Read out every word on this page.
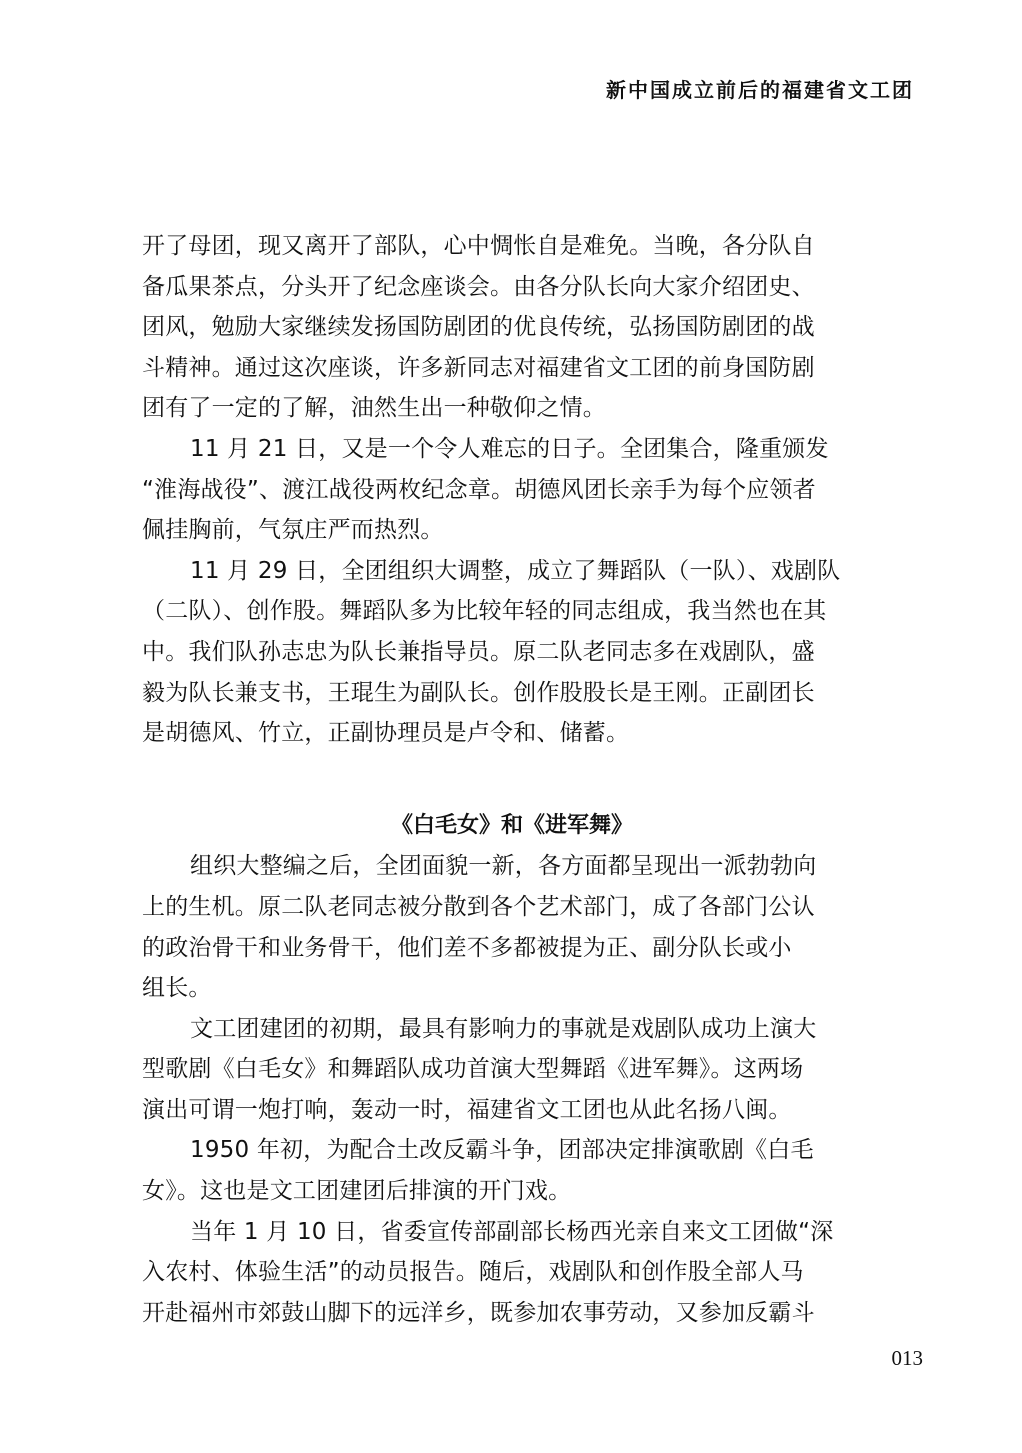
新中国成立前后的福建省文工团
开了母团，现又离开了部队，心中惆怅自是难免。当晚，各分队自
备瓜果茶点，分头开了纪念座谈会。由各分队长向大家介绍团史、
团风，勉励大家继续发扬国防剧团的优良传统，弘扬国防剧团的战
斗精神。通过这次座谈，许多新同志对福建省文工团的前身国防剧
团有了一定的了解，油然生出一种敬仰之情。
11 月 21 日，又是一个令人难忘的日子。全团集合，隆重颁发
“淮海战役”、渡江战役两枚纪念章。胡德风团长亲手为每个应领者
佩挂胸前，气氛庄严而热烈。
11 月 29 日，全团组织大调整，成立了舞蹈队（一队）、戏剧队
（二队）、创作股。舞蹈队多为比较年轻的同志组成，我当然也在其
中。我们队孙志忠为队长兼指导员。原二队老同志多在戏剧队，盛
毅为队长兼支书，王琨生为副队长。创作股股长是王刚。正副团长
是胡德风、竹立，正副协理员是卢令和、储蓄。
《白毛女》和《进军舞》
组织大整编之后，全团面貌一新，各方面都呈现出一派勃勃向
上的生机。原二队老同志被分散到各个艺术部门，成了各部门公认
的政治骨干和业务骨干，他们差不多都被提为正、副分队长或小
组长。
文工团建团的初期，最具有影响力的事就是戏剧队成功上演大
型歌剧《白毛女》和舞蹈队成功首演大型舞蹈《进军舞》。这两场
演出可谓一炮打响，轰动一时，福建省文工团也从此名扬八闽。
1950 年初，为配合土改反霸斗争，团部决定排演歌剧《白毛
女》。这也是文工团建团后排演的开门戏。
当年 1 月 10 日，省委宣传部副部长杨西光亲自来文工团做“深
入农村、体验生活”的动员报告。随后，戏剧队和创作股全部人马
开赴福州市郊鼓山脚下的远洋乡，既参加农事劳动，又参加反霸斗
013
